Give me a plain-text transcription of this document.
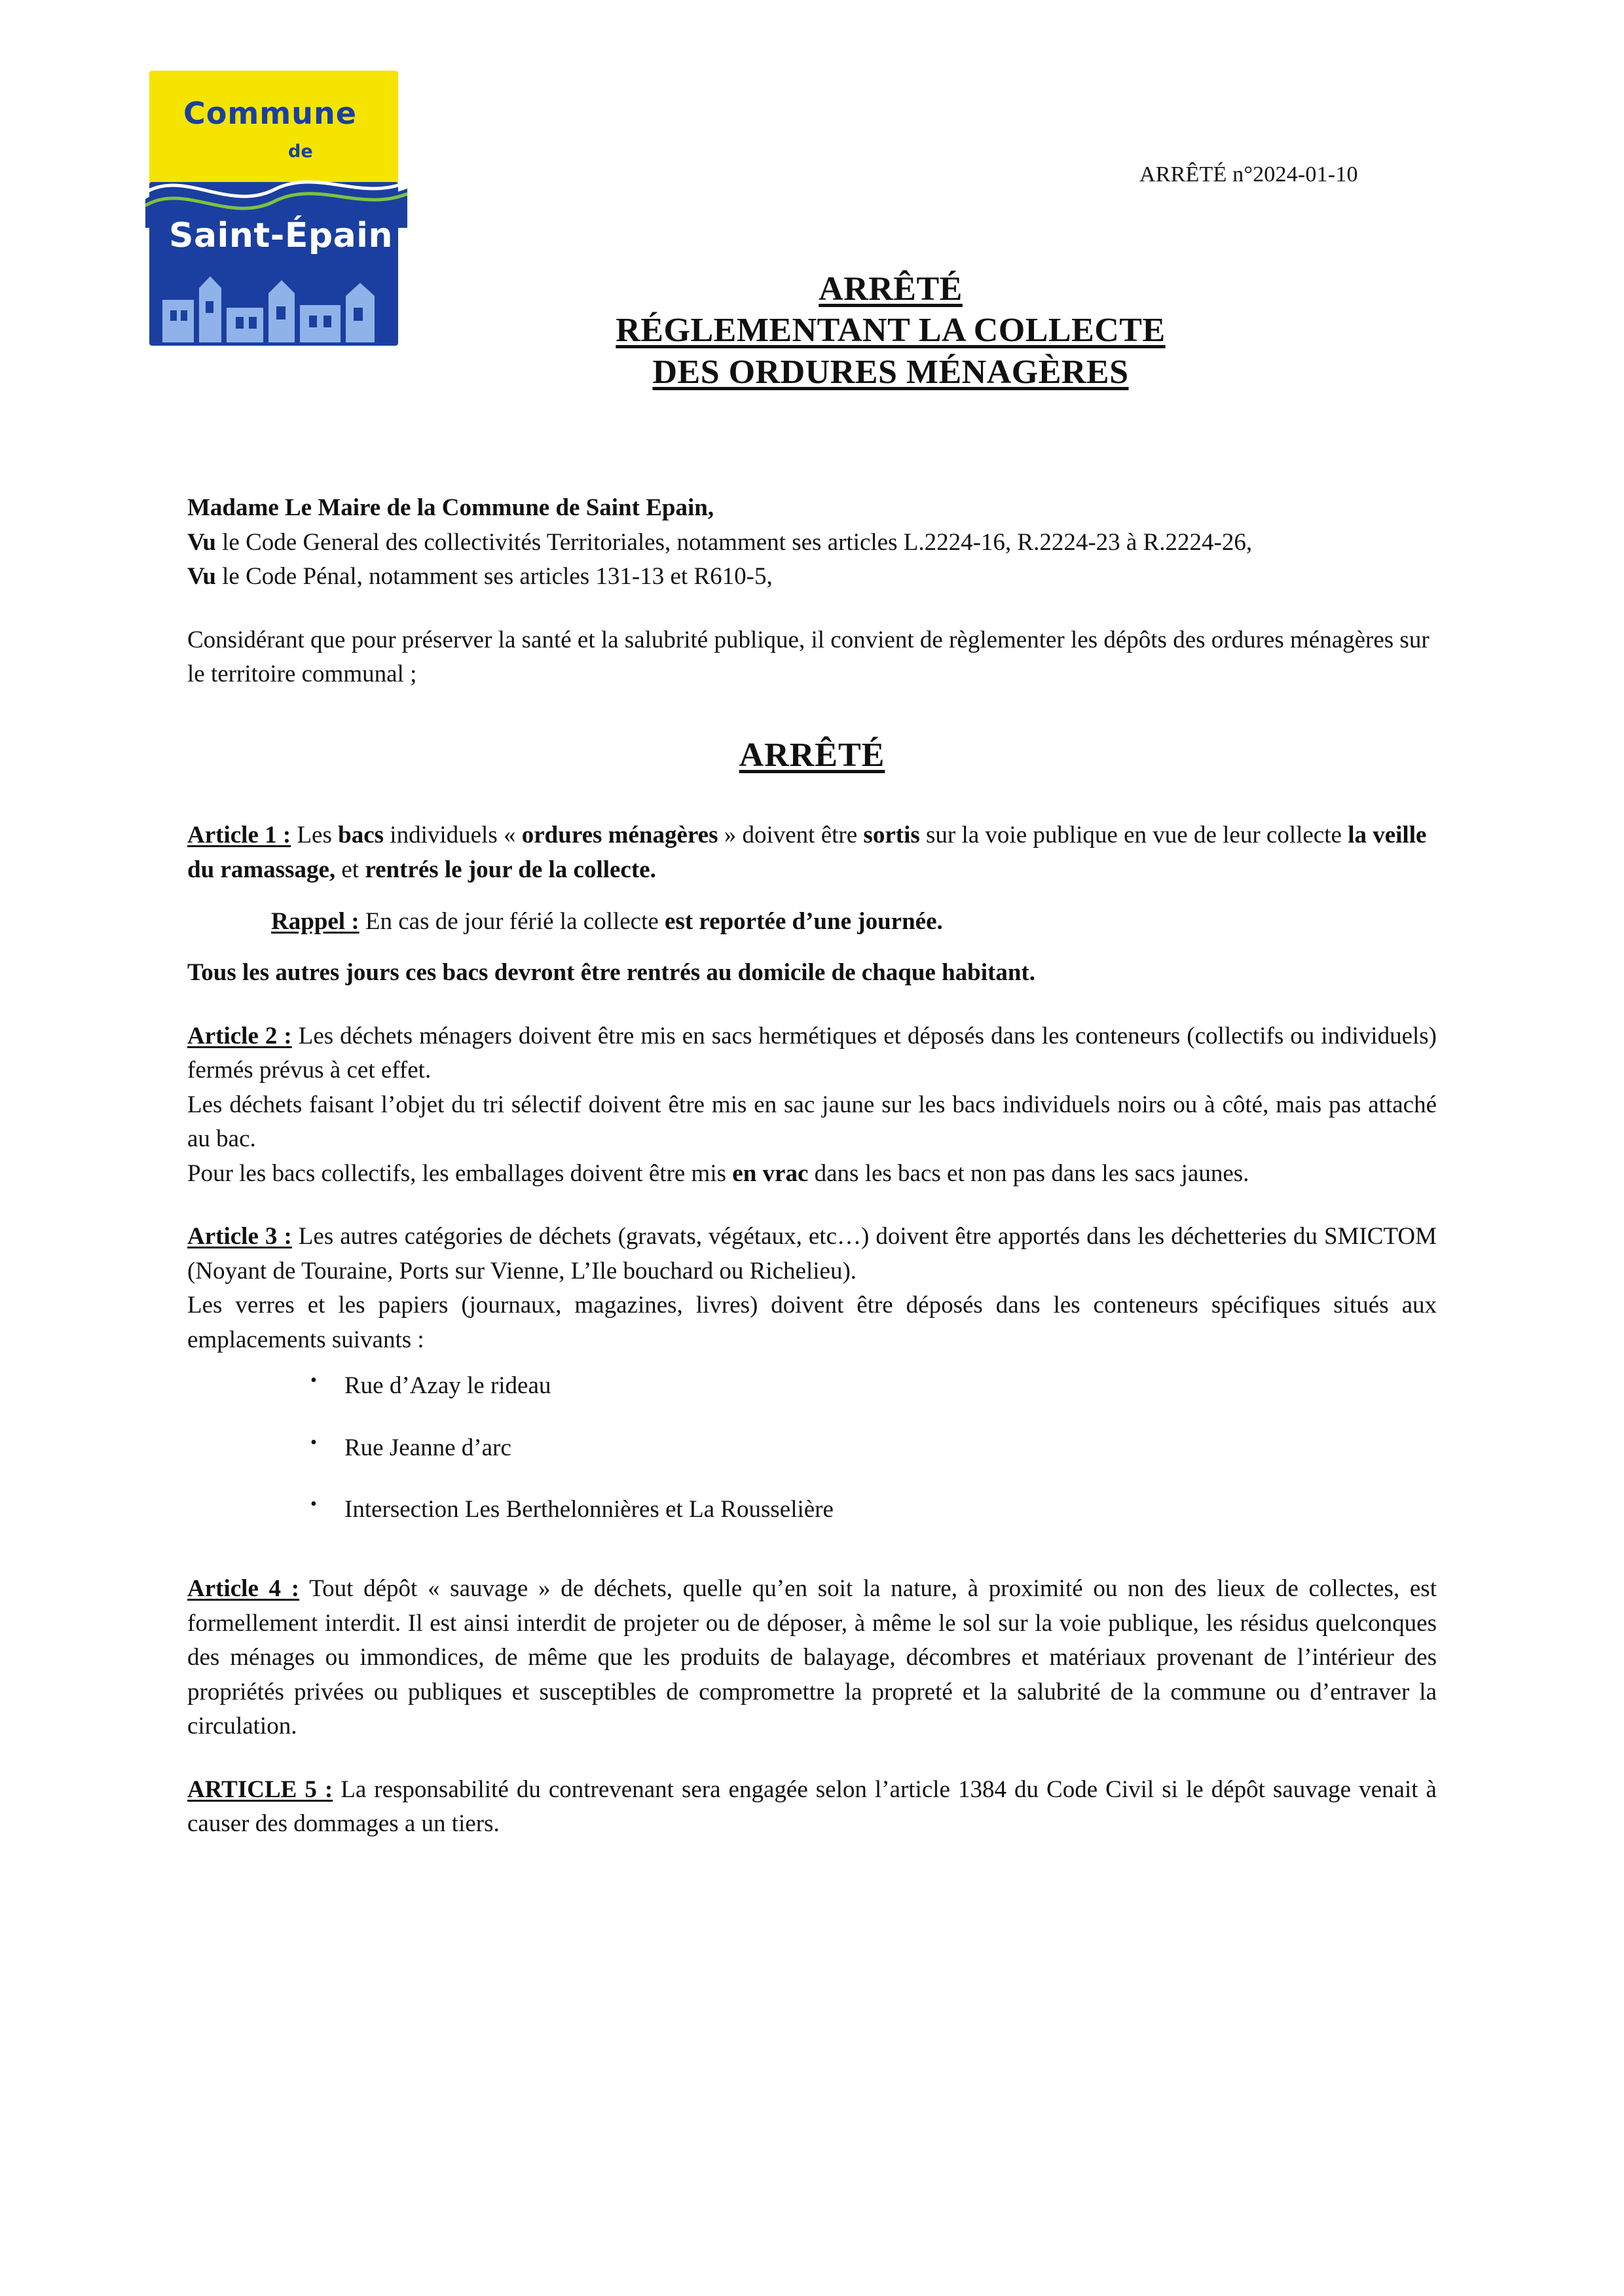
Commune
de
Saint-Épain
ARRÊTÉ n°2024-01-10
ARRÊTÉ
RÉGLEMENTANT LA COLLECTE
DES ORDURES MÉNAGÈRES

Madame Le Maire de la Commune de Saint Epain,

Vu le Code General des collectivités Territoriales, notamment ses articles L.2224-16, R.2224-23 à R.2224-26,

Vu le Code Pénal, notamment ses articles 131-13 et R610-5,

Considérant que pour préserver la santé et la salubrité publique, il convient de règlementer les dépôts des ordures ménagères sur le territoire communal ;

ARRÊTÉ

Article 1 : Les bacs individuels « ordures ménagères » doivent être sortis sur la voie publique en vue de leur collecte la veille du ramassage, et rentrés le jour de la collecte.

Rappel : En cas de jour férié la collecte est reportée d’une journée.

Tous les autres jours ces bacs devront être rentrés au domicile de chaque habitant.

Article 2 : Les déchets ménagers doivent être mis en sacs hermétiques et déposés dans les conteneurs (collectifs ou individuels) fermés prévus à cet effet.

Les déchets faisant l’objet du tri sélectif doivent être mis en sac jaune sur les bacs individuels noirs ou à côté, mais pas attaché au bac.

Pour les bacs collectifs, les emballages doivent être mis en vrac dans les bacs et non pas dans les sacs jaunes.

Article 3 : Les autres catégories de déchets (gravats, végétaux, etc…) doivent être apportés dans les déchetteries du SMICTOM (Noyant de Touraine, Ports sur Vienne, L’Ile bouchard ou Richelieu).

Les verres et les papiers (journaux, magazines, livres) doivent être déposés dans les conteneurs spécifiques situés aux emplacements suivants :

• Rue d’Azay le rideau
• Rue Jeanne d’arc
• Intersection Les Berthelonnières et La Rousselière

Article 4 : Tout dépôt « sauvage » de déchets, quelle qu’en soit la nature, à proximité ou non des lieux de collectes, est formellement interdit. Il est ainsi interdit de projeter ou de déposer, à même le sol sur la voie publique, les résidus quelconques des ménages ou immondices, de même que les produits de balayage, décombres et matériaux provenant de l’intérieur des propriétés privées ou publiques et susceptibles de compromettre la propreté et la salubrité de la commune ou d’entraver la circulation.

ARTICLE 5 : La responsabilité du contrevenant sera engagée selon l’article 1384 du Code Civil si le dépôt sauvage venait à causer des dommages a un tiers.
